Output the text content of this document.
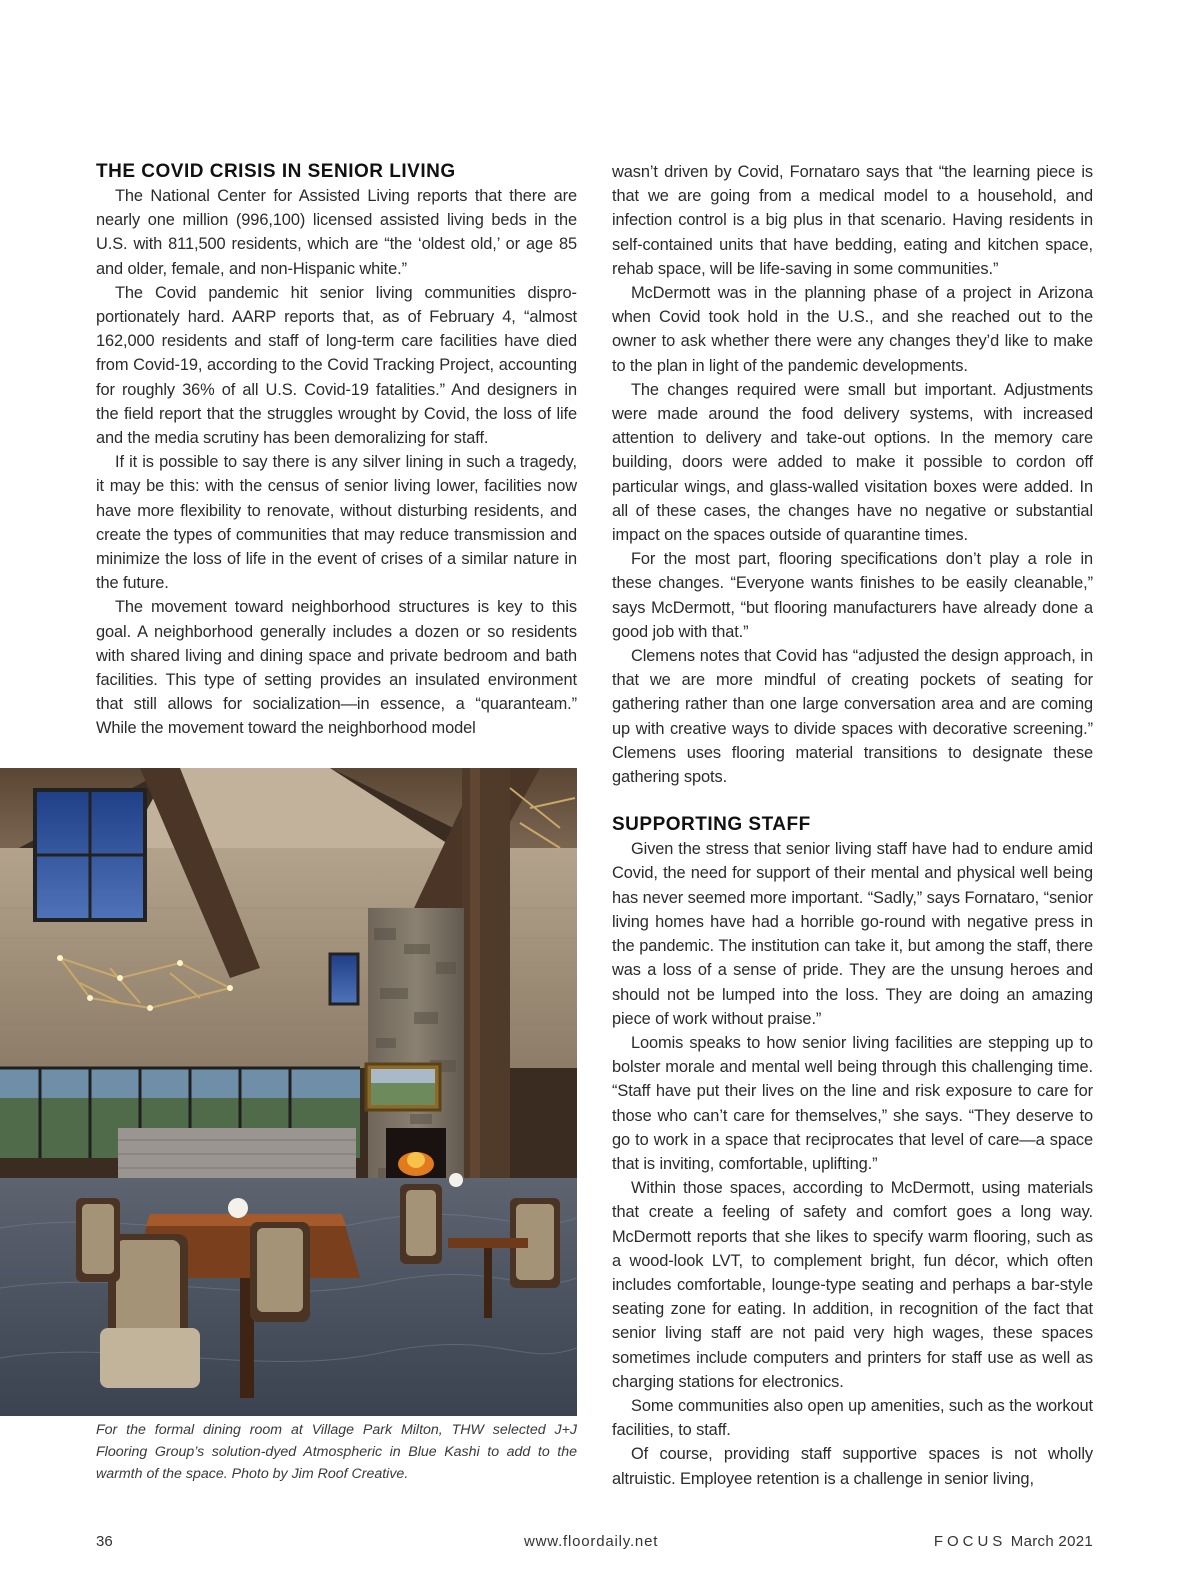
THE COVID CRISIS IN SENIOR LIVING

The National Center for Assisted Living reports that there are nearly one million (996,100) licensed assisted living beds in the U.S. with 811,500 residents, which are “the ‘oldest old,’ or age 85 and older, female, and non-Hispanic white.”

The Covid pandemic hit senior living communities disproportionately hard. AARP reports that, as of February 4, “almost 162,000 residents and staff of long-term care facilities have died from Covid-19, according to the Covid Tracking Project, accounting for roughly 36% of all U.S. Covid-19 fatalities.” And designers in the field report that the struggles wrought by Covid, the loss of life and the media scrutiny has been demoralizing for staff.

If it is possible to say there is any silver lining in such a tragedy, it may be this: with the census of senior living lower, facilities now have more flexibility to renovate, without disturbing residents, and create the types of communities that may reduce transmission and minimize the loss of life in the event of crises of a similar nature in the future.

The movement toward neighborhood structures is key to this goal. A neighborhood generally includes a dozen or so residents with shared living and dining space and private bedroom and bath facilities. This type of setting provides an insulated environment that still allows for socialization—in essence, a “quaranteam.” While the movement toward the neighborhood model

wasn’t driven by Covid, Fornataro says that “the learning piece is that we are going from a medical model to a household, and infection control is a big plus in that scenario. Having residents in self-contained units that have bedding, eating and kitchen space, rehab space, will be life-saving in some communities.”

McDermott was in the planning phase of a project in Arizona when Covid took hold in the U.S., and she reached out to the owner to ask whether there were any changes they’d like to make to the plan in light of the pandemic developments.

The changes required were small but important. Adjustments were made around the food delivery systems, with increased attention to delivery and take-out options. In the memory care building, doors were added to make it possible to cordon off particular wings, and glass-walled visitation boxes were added. In all of these cases, the changes have no negative or substantial impact on the spaces outside of quarantine times.

For the most part, flooring specifications don’t play a role in these changes. “Everyone wants finishes to be easily cleanable,” says McDermott, “but flooring manufacturers have already done a good job with that.”

Clemens notes that Covid has “adjusted the design approach, in that we are more mindful of creating pockets of seating for gathering rather than one large conversation area and are coming up with creative ways to divide spaces with decorative screening.” Clemens uses flooring material transitions to designate these gathering spots.

SUPPORTING STAFF

Given the stress that senior living staff have had to endure amid Covid, the need for support of their mental and physical well being has never seemed more important. “Sadly,” says Fornataro, “senior living homes have had a horrible go-round with negative press in the pandemic. The institution can take it, but among the staff, there was a loss of a sense of pride. They are the unsung heroes and should not be lumped into the loss. They are doing an amazing piece of work without praise.”

Loomis speaks to how senior living facilities are stepping up to bolster morale and mental well being through this challenging time. “Staff have put their lives on the line and risk exposure to care for those who can’t care for themselves,” she says. “They deserve to go to work in a space that reciprocates that level of care—a space that is inviting, comfortable, uplifting.”

Within those spaces, according to McDermott, using materials that create a feeling of safety and comfort goes a long way. McDermott reports that she likes to specify warm flooring, such as a wood-look LVT, to complement bright, fun décor, which often includes comfortable, lounge-type seating and perhaps a bar-style seating zone for eating. In addition, in recognition of the fact that senior living staff are not paid very high wages, these spaces sometimes include computers and printers for staff use as well as charging stations for electronics.

Some communities also open up amenities, such as the workout facilities, to staff.

Of course, providing staff supportive spaces is not wholly altruistic. Employee retention is a challenge in senior living,

For the formal dining room at Village Park Milton, THW selected J+J Flooring Group’s solution-dyed Atmospheric in Blue Kashi to add to the warmth of the space. Photo by Jim Roof Creative.

36	www.floordaily.net	FOCUS March 2021
